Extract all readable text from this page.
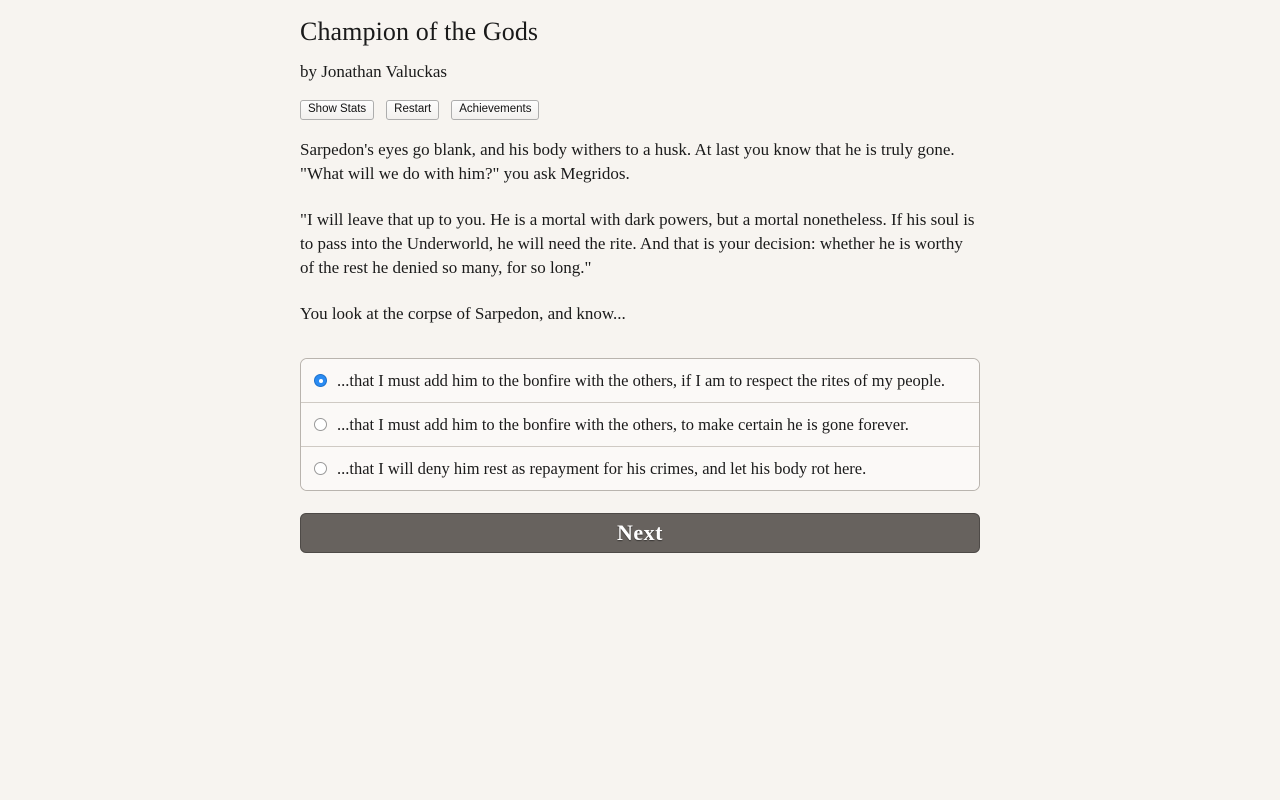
Champion of the Gods
by Jonathan Valuckas
Show Stats	Restart	Achievements

Sarpedon's eyes go blank, and his body withers to a husk. At last you know that he is truly gone. "What will we do with him?" you ask Megridos.

"I will leave that up to you. He is a mortal with dark powers, but a mortal nonetheless. If his soul is to pass into the Underworld, he will need the rite. And that is your decision: whether he is worthy of the rest he denied so many, for so long."

You look at the corpse of Sarpedon, and know...

...that I must add him to the bonfire with the others, if I am to respect the rites of my people.
...that I must add him to the bonfire with the others, to make certain he is gone forever.
...that I will deny him rest as repayment for his crimes, and let his body rot here.
Next
